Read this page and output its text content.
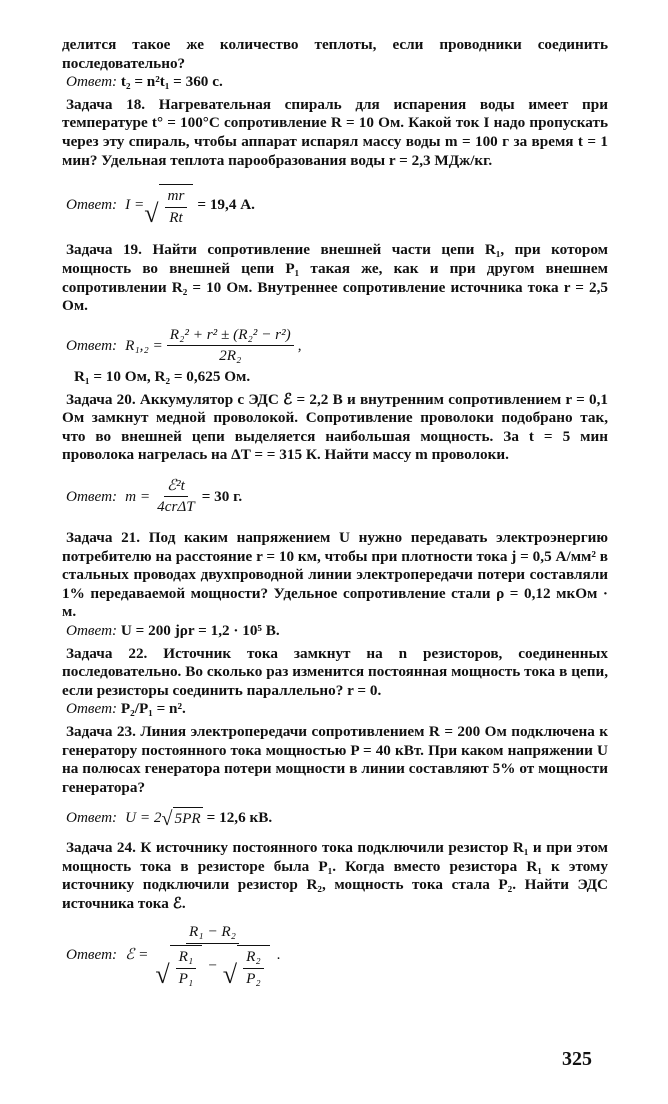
делится такое же количество теплоты, если проводники соединить последовательно?

Ответ: t₂ = n²t₁ = 360 с.

Задача 18. Нагревательная спираль для испарения воды имеет при температуре t° = 100°С сопротивление R = 10 Ом. Какой ток I надо пропускать через эту спираль, чтобы аппарат испарял массу воды m = 100 г за время t = 1 мин? Удельная теплота парообразования воды r = 2,3 МДж/кг.

Ответ: I = √ $\frac{mr}{Rt} = 19,4$ А.

Задача 19. Найти сопротивление внешней части цепи R₁, при котором мощность во внешней цепи P₁ такая же, как и при другом внешнем сопротивлении R₂ = 10 Ом. Внутреннее сопротивление источника тока r = 2,5 Ом.

Ответ: $R_1,_2 = \frac{\text{R₂² + r² ± (R₂² − r²)}}{\text{2R₂}}$ ,

R₁ = 10 Ом, R₂ = 0,625 Ом.

Задача 20. Аккумулятор с ЭДС ℰ = 2,2 В и внутренним сопротивлением r = 0,1 Ом замкнут медной проволокой. Сопротивление проволоки подобрано так, что во внешней цепи выделяется наибольшая мощность. За t = 5 мин проволока нагрелась на ΔT = = 315 К. Найти массу m проволоки.

Ответ: $m = \frac{\text{ℰ²t}}{\text{4crΔT}} = 30$ г.

Задача 21. Под каким напряжением U нужно передавать электроэнергию потребителю на расстояние r = 10 км, чтобы при плотности тока j = 0,5 А/мм² в стальных проводах двухпроводной линии электропередачи потери составляли 1% передаваемой мощности? Удельное сопротивление стали ρ = 0,12 мкОм · м.

Ответ: U = 200 jρr = 1,2 · 10⁵ В.

Задача 22. Источник тока замкнут на n резисторов, соединенных последовательно. Во сколько раз изменится постоянная мощность тока в цепи, если резисторы соединить параллельно? r = 0.

Ответ: P₂/P₁ = n².

Задача 23. Линия электропередачи сопротивлением R = 200 Ом подключена к генератору постоянного тока мощностью P = 40 кВт. При каком напряжении U на полюсах генератора потери мощности в линии составляют 5% от мощности генератора?

Ответ: U = 2 √ 5PR = 12,6 кВ.

Задача 24. К источнику постоянного тока подключили резистор R₁ и при этом мощность тока в резисторе была P₁. Когда вместо резистора R₁ к этому источнику подключили резистор R₂, мощность тока стала P₂. Найти ЭДС источника тока ℰ.

Ответ: ℰ =
R₁ − R₂
√ $\frac{\text{R₁}}{\text{P₁}}$ − √ $\frac{\text{R₂}}{\text{P₂}}$ .
325
